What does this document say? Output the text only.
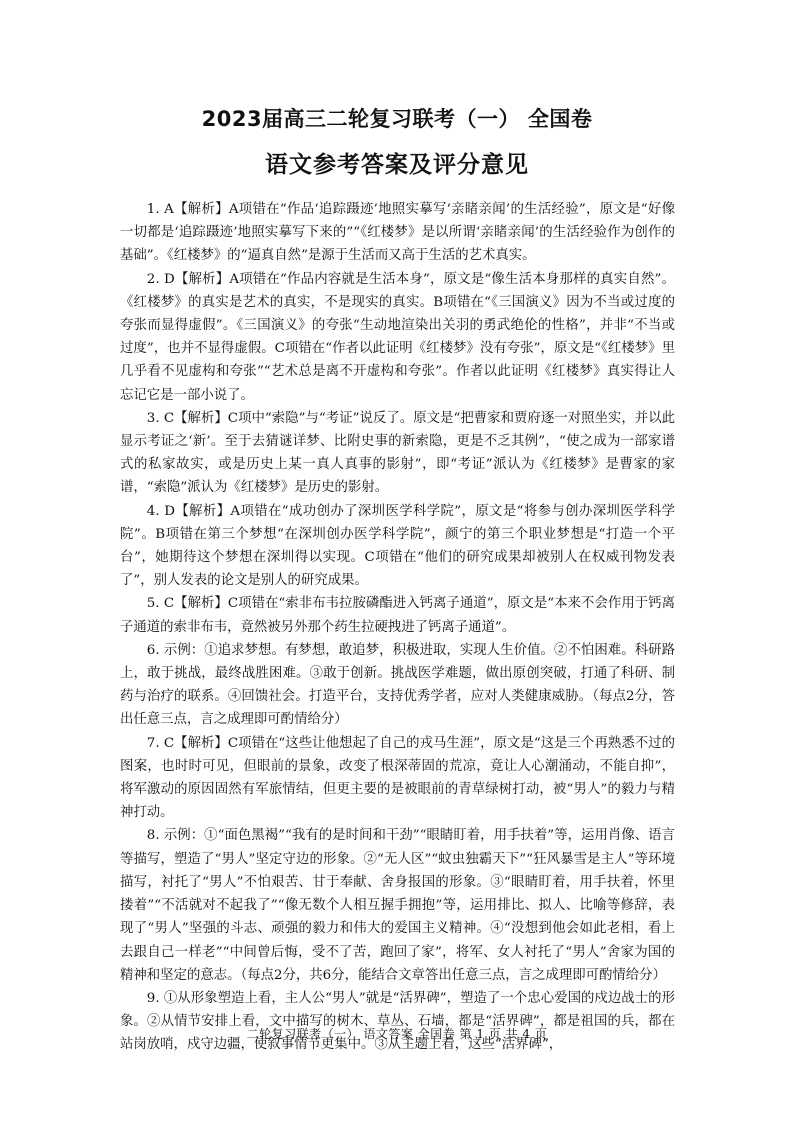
2023届高三二轮复习联考（一） 全国卷
语文参考答案及评分意见

1. A【解析】A项错在“作品‘追踪蹑迹’地照实摹写‘亲睹亲闻’的生活经验”，原文是“好像一切都是‘追踪蹑迹’地照实摹写下来的”“《红楼梦》是以所谓‘亲睹亲闻’的生活经验作为创作的基础”。《红楼梦》的“逼真自然”是源于生活而又高于生活的艺术真实。

2. D【解析】A项错在“作品内容就是生活本身”，原文是“像生活本身那样的真实自然”。《红楼梦》的真实是艺术的真实，不是现实的真实。B项错在“《三国演义》因为不当或过度的夸张而显得虚假”。《三国演义》的夸张“生动地渲染出关羽的勇武绝伦的性格”，并非“不当或过度”，也并不显得虚假。C项错在“作者以此证明《红楼梦》没有夸张”，原文是“《红楼梦》里几乎看不见虚构和夸张”“艺术总是离不开虚构和夸张”。作者以此证明《红楼梦》真实得让人忘记它是一部小说了。

3. C【解析】C项中“索隐”与“考证”说反了。原文是“把曹家和贾府逐一对照坐实，并以此显示考证之‘新’。至于去猜谜详梦、比附史事的新索隐，更是不乏其例”，“使之成为一部家谱式的私家故实，或是历史上某一真人真事的影射”，即“考证”派认为《红楼梦》是曹家的家谱，“索隐”派认为《红楼梦》是历史的影射。

4. D【解析】A项错在“成功创办了深圳医学科学院”，原文是“将参与创办深圳医学科学院”。B项错在第三个梦想“在深圳创办医学科学院”，颜宁的第三个职业梦想是“打造一个平台”，她期待这个梦想在深圳得以实现。C项错在“他们的研究成果却被别人在权威刊物发表了”，别人发表的论文是别人的研究成果。

5. C【解析】C项错在“索非布韦拉胺磷酯进入钙离子通道”，原文是“本来不会作用于钙离子通道的索非布韦，竟然被另外那个药生拉硬拽进了钙离子通道”。

6. 示例：①追求梦想。有梦想，敢追梦，积极进取，实现人生价值。②不怕困难。科研路上，敢于挑战，最终战胜困难。③敢于创新。挑战医学难题，做出原创突破，打通了科研、制药与治疗的联系。④回馈社会。打造平台，支持优秀学者，应对人类健康威胁。（每点2分，答出任意三点，言之成理即可酌情给分）

7. C【解析】C项错在“这些让他想起了自己的戎马生涯”，原文是“这是三个再熟悉不过的图案，也时时可见，但眼前的景象，改变了根深蒂固的荒凉，竟让人心潮涌动，不能自抑”，将军激动的原因固然有军旅情结，但更主要的是被眼前的青草绿树打动，被“男人”的毅力与精神打动。

8. 示例：①“面色黑褐”“我有的是时间和干劲”“眼睛盯着，用手扶着”等，运用肖像、语言等描写，塑造了“男人”坚定守边的形象。②“无人区”“蚊虫独霸天下”“狂风暴雪是主人”等环境描写，衬托了“男人”不怕艰苦、甘于奉献、舍身报国的形象。③“眼睛盯着，用手扶着，怀里搂着”“不活就对不起我了”“像无数个人相互握手拥抱”等，运用排比、拟人、比喻等修辞，表现了“男人”坚强的斗志、顽强的毅力和伟大的爱国主义精神。④“没想到他会如此老相，看上去跟自己一样老”“中间曾后悔，受不了苦，跑回了家”，将军、女人衬托了“男人”舍家为国的精神和坚定的意志。（每点2分，共6分，能结合文章答出任意三点，言之成理即可酌情给分）

9. ①从形象塑造上看，主人公“男人”就是“活界碑”，塑造了一个忠心爱国的戍边战士的形象。②从情节安排上看，文中描写的树木、草丛、石墙，都是“活界碑”，都是祖国的兵，都在站岗放哨，戍守边疆，使叙事情节更集中。③从主题上看，这些“活界碑”，

二轮复习联考（一） 语文答案 全国卷 第 1 页 共 4 页
